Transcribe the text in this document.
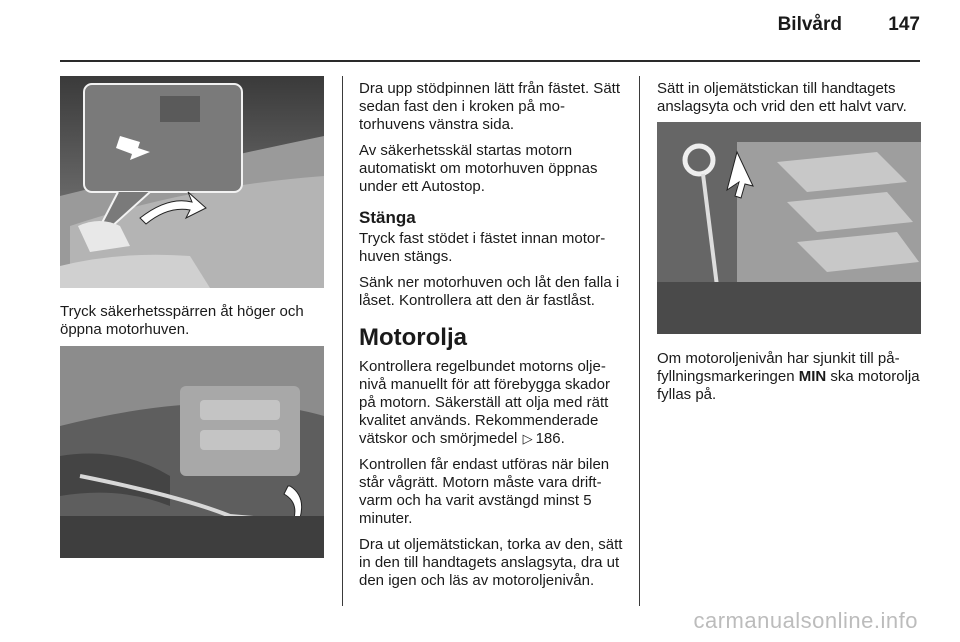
Bilvård 147

Tryck säkerhetsspärren åt höger och öppna motorhuven.

Dra upp stödpinnen lätt från fästet. Sätt sedan fast den i kroken på motorhuvens vänstra sida.

Av säkerhetsskäl startas motorn automatiskt om motorhuven öppnas under ett Autostop.

Stänga

Tryck fast stödet i fästet innan motorhuven stängs.

Sänk ner motorhuven och låt den falla i låset. Kontrollera att den är fastlåst.

Motorolja

Kontrollera regelbundet motorns oljenivå manuellt för att förebygga skador på motorn. Säkerställ att olja med rätt kvalitet används. Rekommenderade vätskor och smörjmedel ▷ 186.

Kontrollen får endast utföras när bilen står vågrätt. Motorn måste vara driftvarm och ha varit avstängd minst 5 minuter.

Dra ut oljemätstickan, torka av den, sätt in den till handtagets anslagsyta, dra ut den igen och läs av motoroljenivån.

Sätt in oljemätstickan till handtagets anslagsyta och vrid den ett halvt varv.

Om motoroljenivån har sjunkit till påfyllningsmarkeringen MIN ska motorolja fyllas på.

carmanualsonline.info
